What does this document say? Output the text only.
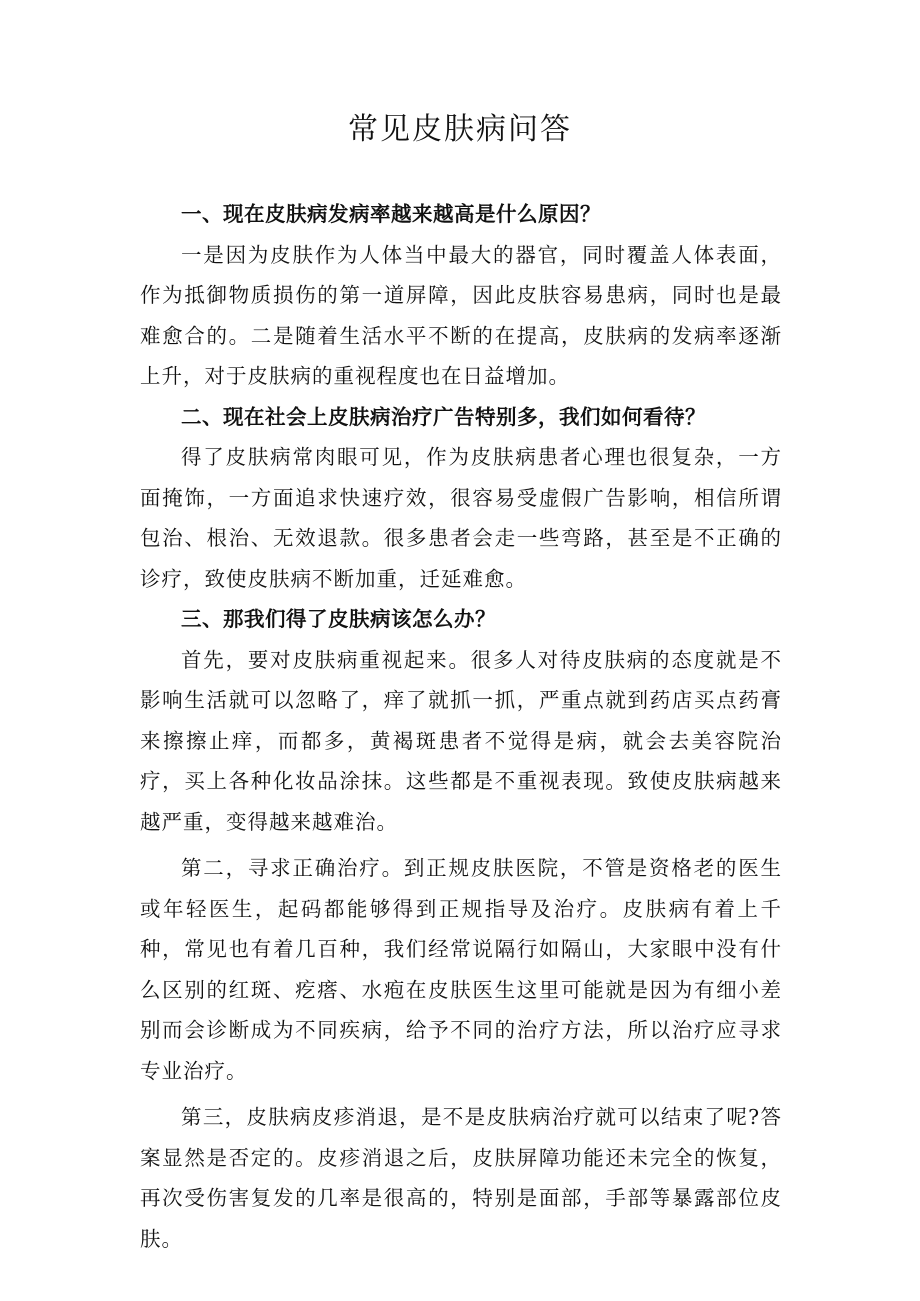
常见皮肤病问答

一、现在皮肤病发病率越来越高是什么原因？

一是因为皮肤作为人体当中最大的器官，同时覆盖人体表面，作为抵御物质损伤的第一道屏障，因此皮肤容易患病，同时也是最难愈合的。二是随着生活水平不断的在提高，皮肤病的发病率逐渐上升，对于皮肤病的重视程度也在日益增加。

二、现在社会上皮肤病治疗广告特别多，我们如何看待？

得了皮肤病常肉眼可见，作为皮肤病患者心理也很复杂，一方面掩饰，一方面追求快速疗效，很容易受虚假广告影响，相信所谓包治、根治、无效退款。很多患者会走一些弯路，甚至是不正确的诊疗，致使皮肤病不断加重，迁延难愈。

三、那我们得了皮肤病该怎么办？

首先，要对皮肤病重视起来。很多人对待皮肤病的态度就是不影响生活就可以忽略了，痒了就抓一抓，严重点就到药店买点药膏来擦擦止痒，而都多，黄褐斑患者不觉得是病，就会去美容院治疗，买上各种化妆品涂抹。这些都是不重视表现。致使皮肤病越来越严重，变得越来越难治。

第二，寻求正确治疗。到正规皮肤医院，不管是资格老的医生或年轻医生，起码都能够得到正规指导及治疗。皮肤病有着上千种，常见也有着几百种，我们经常说隔行如隔山，大家眼中没有什么区别的红斑、疙瘩、水疱在皮肤医生这里可能就是因为有细小差别而会诊断成为不同疾病，给予不同的治疗方法，所以治疗应寻求专业治疗。

第三，皮肤病皮疹消退，是不是皮肤病治疗就可以结束了呢?答案显然是否定的。皮疹消退之后，皮肤屏障功能还未完全的恢复，再次受伤害复发的几率是很高的，特别是面部，手部等暴露部位皮肤。
